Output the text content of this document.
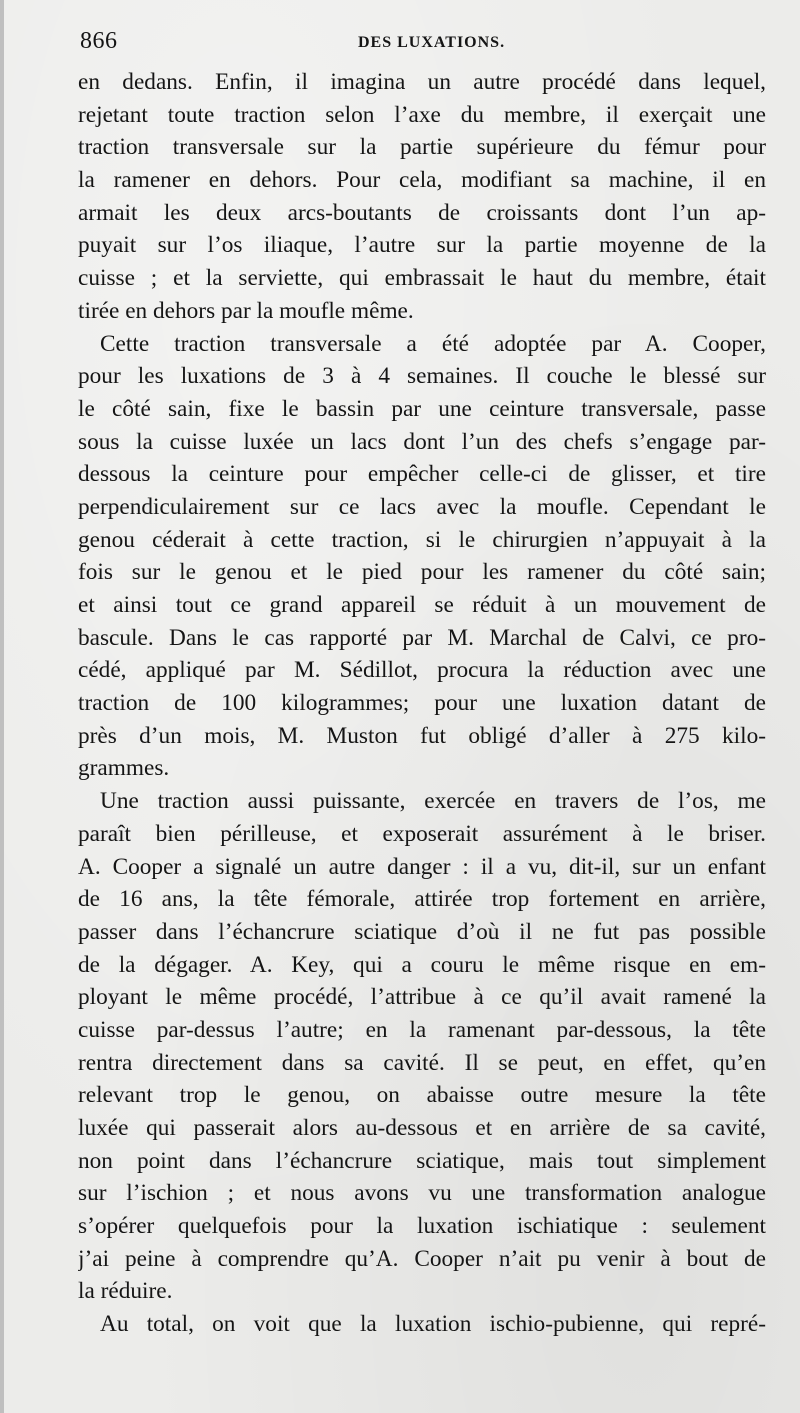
866	DES LUXATIONS.
en dedans. Enfin, il imagina un autre procédé dans lequel,
rejetant toute traction selon l’axe du membre, il exerçait une
traction transversale sur la partie supérieure du fémur pour
la ramener en dehors. Pour cela, modifiant sa machine, il en
armait les deux arcs-boutants de croissants dont l’un ap-
puyait sur l’os iliaque, l’autre sur la partie moyenne de la
cuisse ; et la serviette, qui embrassait le haut du membre, était
tirée en dehors par la moufle même.
Cette traction transversale a été adoptée par A. Cooper,
pour les luxations de 3 à 4 semaines. Il couche le blessé sur
le côté sain, fixe le bassin par une ceinture transversale, passe
sous la cuisse luxée un lacs dont l’un des chefs s’engage par-
dessous la ceinture pour empêcher celle-ci de glisser, et tire
perpendiculairement sur ce lacs avec la moufle. Cependant le
genou céderait à cette traction, si le chirurgien n’appuyait à la
fois sur le genou et le pied pour les ramener du côté sain;
et ainsi tout ce grand appareil se réduit à un mouvement de
bascule. Dans le cas rapporté par M. Marchal de Calvi, ce pro-
cédé, appliqué par M. Sédillot, procura la réduction avec une
traction de 100 kilogrammes; pour une luxation datant de
près d’un mois, M. Muston fut obligé d’aller à 275 kilo-
grammes.
Une traction aussi puissante, exercée en travers de l’os, me
paraît bien périlleuse, et exposerait assurément à le briser.
A. Cooper a signalé un autre danger : il a vu, dit-il, sur un enfant
de 16 ans, la tête fémorale, attirée trop fortement en arrière,
passer dans l’échancrure sciatique d’où il ne fut pas possible
de la dégager. A. Key, qui a couru le même risque en em-
ployant le même procédé, l’attribue à ce qu’il avait ramené la
cuisse par-dessus l’autre; en la ramenant par-dessous, la tête
rentra directement dans sa cavité. Il se peut, en effet, qu’en
relevant trop le genou, on abaisse outre mesure la tête
luxée qui passerait alors au-dessous et en arrière de sa cavité,
non point dans l’échancrure sciatique, mais tout simplement
sur l’ischion ; et nous avons vu une transformation analogue
s’opérer quelquefois pour la luxation ischiatique : seulement
j’ai peine à comprendre qu’A. Cooper n’ait pu venir à bout de
la réduire.
Au total, on voit que la luxation ischio-pubienne, qui repré-
